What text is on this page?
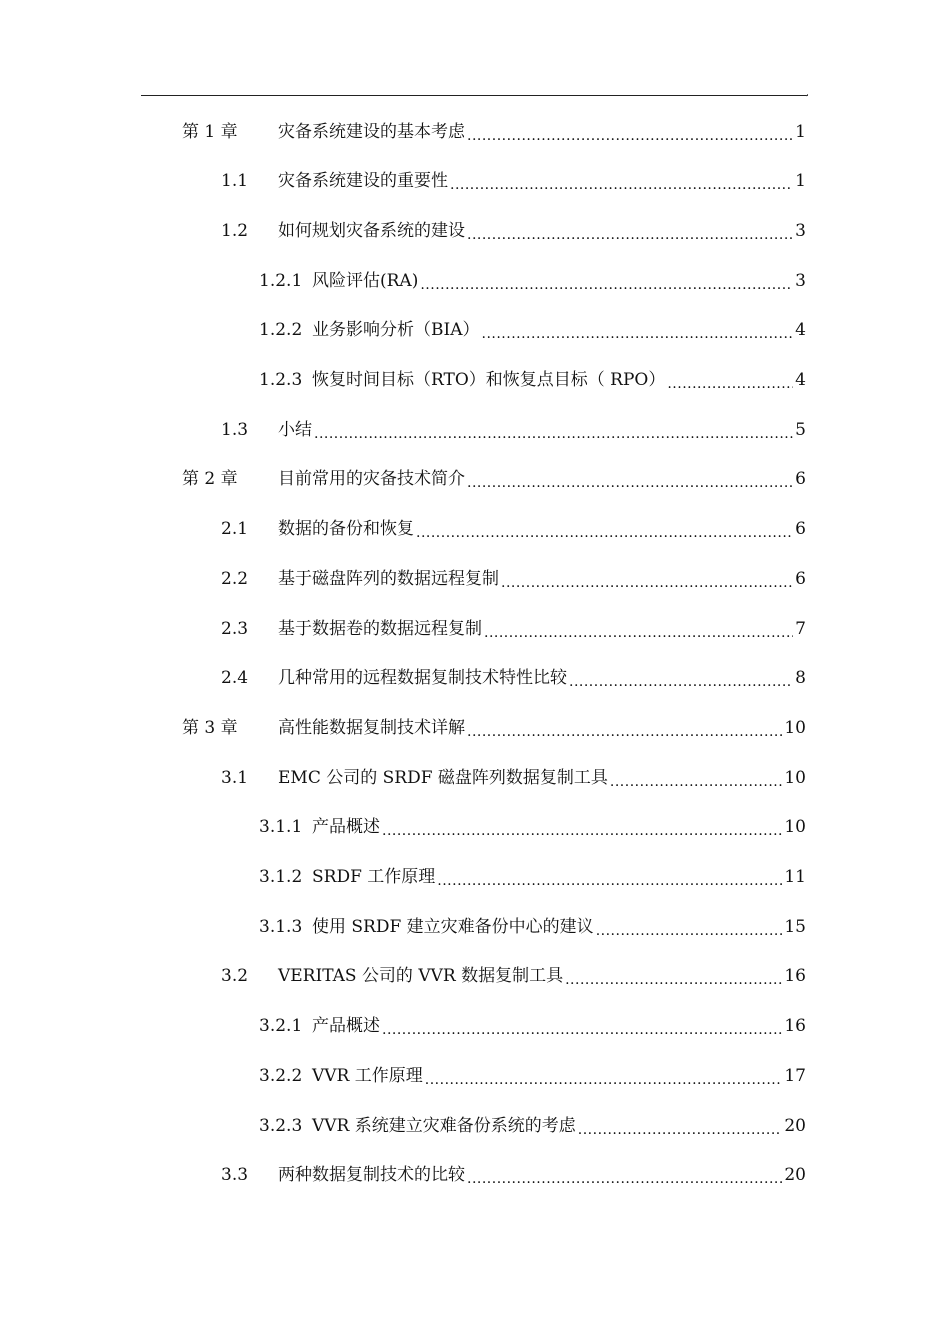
,
第 1 章	灾备系统建设的基本考虑 .....	1
1.1	灾备系统建设的重要性 .....	1
1.2	如何规划灾备系统的建设 .....	3
1.2.1 风险评估(RA) .....	3
1.2.2 业务影响分析（BIA） .....	4
1.2.3 恢复时间目标（RTO）和恢复点目标（ RPO） .....	4
1.3	小结 .....	5
第 2 章	目前常用的灾备技术简介 .....	6
2.1	数据的备份和恢复 .....	6
2.2	基于磁盘阵列的数据远程复制 .....	6
2.3	基于数据卷的数据远程复制 .....	7
2.4	几种常用的远程数据复制技术特性比较 .....	8
第 3 章	高性能数据复制技术详解 .....	10
3.1	EMC 公司的 SRDF 磁盘阵列数据复制工具 .....	10
3.1.1 产品概述 .....	10
3.1.2 SRDF 工作原理 .....	11
3.1.3 使用 SRDF 建立灾难备份中心的建议 .....	15
3.2	VERITAS 公司的 VVR 数据复制工具 .....	16
3.2.1 产品概述 .....	16
3.2.2 VVR 工作原理 .....	17
3.2.3 VVR 系统建立灾难备份系统的考虑 .....	20
3.3	两种数据复制技术的比较 .....	20
